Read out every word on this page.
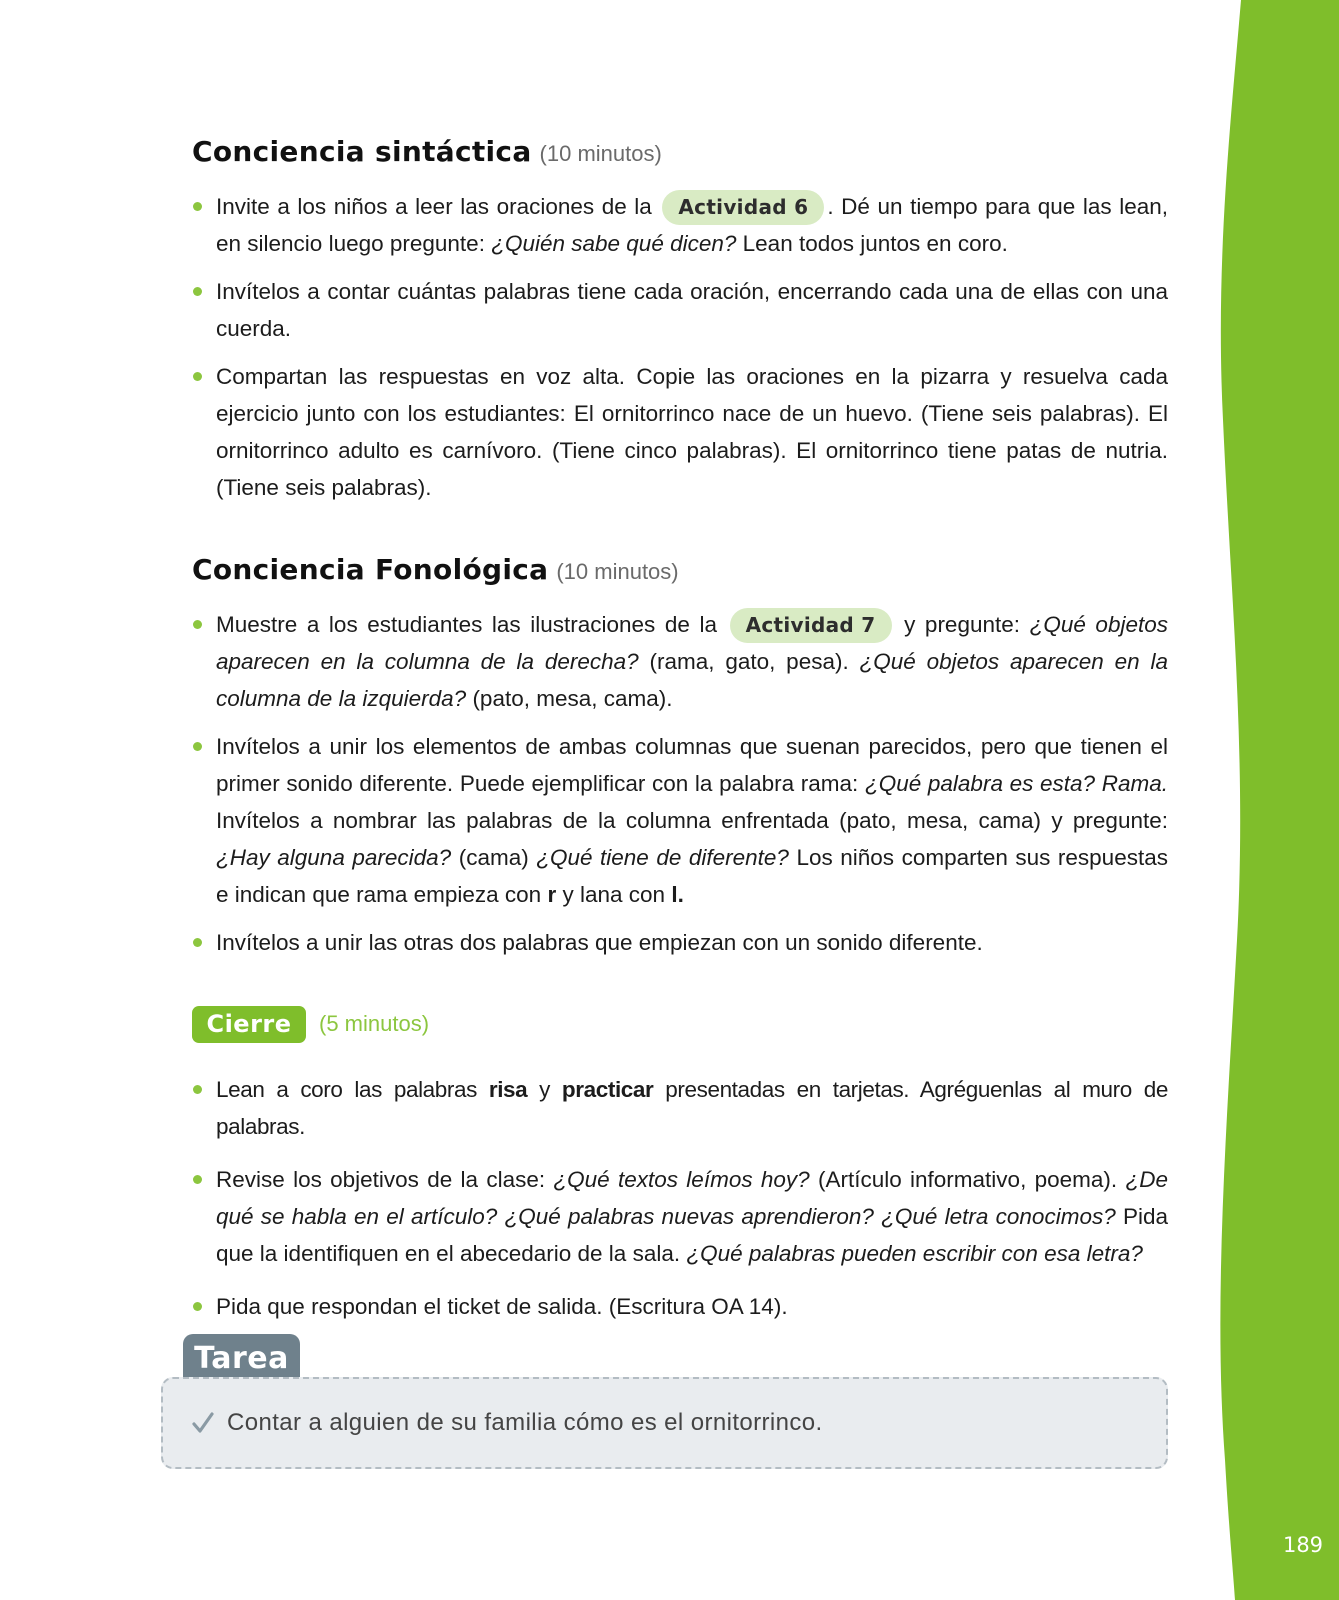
189
Conciencia sintáctica (10 minutos)
Invite a los niños a leer las oraciones de la Actividad 6 . Dé un tiempo para que las lean, en silencio luego pregunte: ¿Quién sabe qué dicen? Lean todos juntos en coro.
Invítelos a contar cuántas palabras tiene cada oración, encerrando cada una de ellas con una cuerda.
Compartan las respuestas en voz alta. Copie las oraciones en la pizarra y resuelva cada ejercicio junto con los estudiantes: El ornitorrinco nace de un huevo. (Tiene seis palabras). El ornitorrinco adulto es carnívoro. (Tiene cinco palabras). El ornitorrinco tiene patas de nutria. (Tiene seis palabras).
Conciencia Fonológica (10 minutos)
Muestre a los estudiantes las ilustraciones de la Actividad 7 y pregunte: ¿Qué objetos aparecen en la columna de la derecha? (rama, gato, pesa). ¿Qué objetos aparecen en la columna de la izquierda? (pato, mesa, cama).
Invítelos a unir los elementos de ambas columnas que suenan parecidos, pero que tienen el primer sonido diferente. Puede ejemplificar con la palabra rama: ¿Qué palabra es esta? Rama. Invítelos a nombrar las palabras de la columna enfrentada (pato, mesa, cama) y pregunte: ¿Hay alguna parecida? (cama) ¿Qué tiene de diferente? Los niños comparten sus respuestas e indican que rama empieza con r y lana con l.
Invítelos a unir las otras dos palabras que empiezan con un sonido diferente.
Cierre	(5 minutos)
Lean a coro las palabras risa y practicar presentadas en tarjetas. Agréguenlas al muro de palabras.
Revise los objetivos de la clase: ¿Qué textos leímos hoy? (Artículo informativo, poema). ¿De qué se habla en el artículo? ¿Qué palabras nuevas aprendieron? ¿Qué letra conocimos? Pida que la identifiquen en el abecedario de la sala. ¿Qué palabras pueden escribir con esa letra?
Pida que respondan el ticket de salida. (Escritura OA 14).
Tarea
Contar a alguien de su familia cómo es el ornitorrinco.
